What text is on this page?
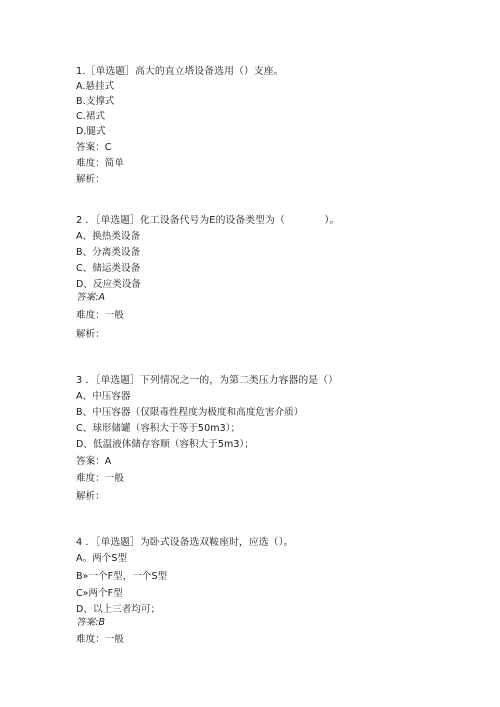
1.［单选题］高大的直立塔设备选用（）支座。
A.悬挂式
B.支撑式
C.裙式
D.腿式
答案：C
难度：简单
解析：
2 ．［单选题］化工设备代号为E的设备类型为（　　　　）。
A、换热类设备
B、分离类设备
C、储运类设备
D、反应类设备
答案:A
难度：一般
解析：
3 ．［单选题］下列情况之一的，为第二类压力容器的是（）
A、中压容器
B、中压容器（仅限毒性程度为极度和高度危害介质）
C、球形储罐（容积大于等于50m3）；
D、低温液体储存容顺（容积大于5m3）；
答案：A
难度：一般
解析：
4 ．［单选题］为卧式设备选双鞍座时，应选（）。
A。两个S型
B»一个F型，一个S型
C»两个F型
D、以上三者均可；
答案:B
难度：一般
